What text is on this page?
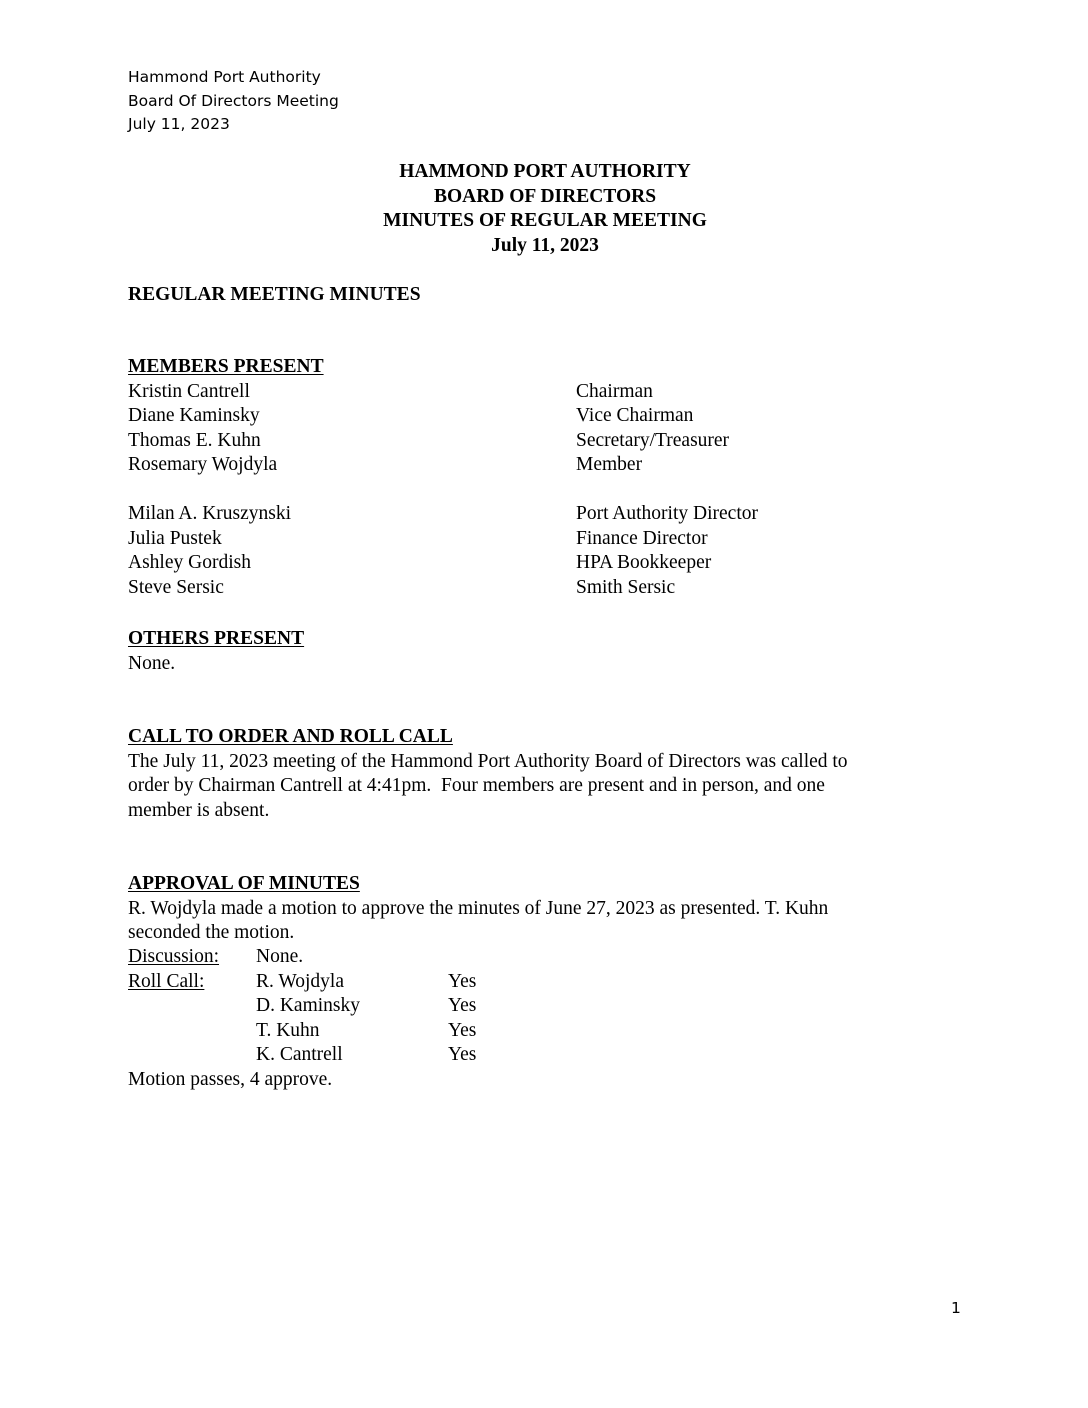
Hammond Port Authority
Board Of Directors Meeting
July 11, 2023
HAMMOND PORT AUTHORITY
BOARD OF DIRECTORS
MINUTES OF REGULAR MEETING
July 11, 2023
REGULAR MEETING MINUTES
MEMBERS PRESENT
Kristin Cantrell	Chairman
Diane Kaminsky	Vice Chairman
Thomas E. Kuhn	Secretary/Treasurer
Rosemary Wojdyla	Member
Milan A. Kruszynski	Port Authority Director
Julia Pustek	Finance Director
Ashley Gordish	HPA Bookkeeper
Steve Sersic	Smith Sersic
OTHERS PRESENT
None.
CALL TO ORDER AND ROLL CALL
The July 11, 2023 meeting of the Hammond Port Authority Board of Directors was called to
order by Chairman Cantrell at 4:41pm.  Four members are present and in person, and one
member is absent.
APPROVAL OF MINUTES
R. Wojdyla made a motion to approve the minutes of June 27, 2023 as presented. T. Kuhn
seconded the motion.
Discussion: None.
Roll Call:	R. Wojdyla	Yes
D. Kaminsky	Yes
T. Kuhn	Yes
K. Cantrell	Yes
Motion passes, 4 approve.
1
